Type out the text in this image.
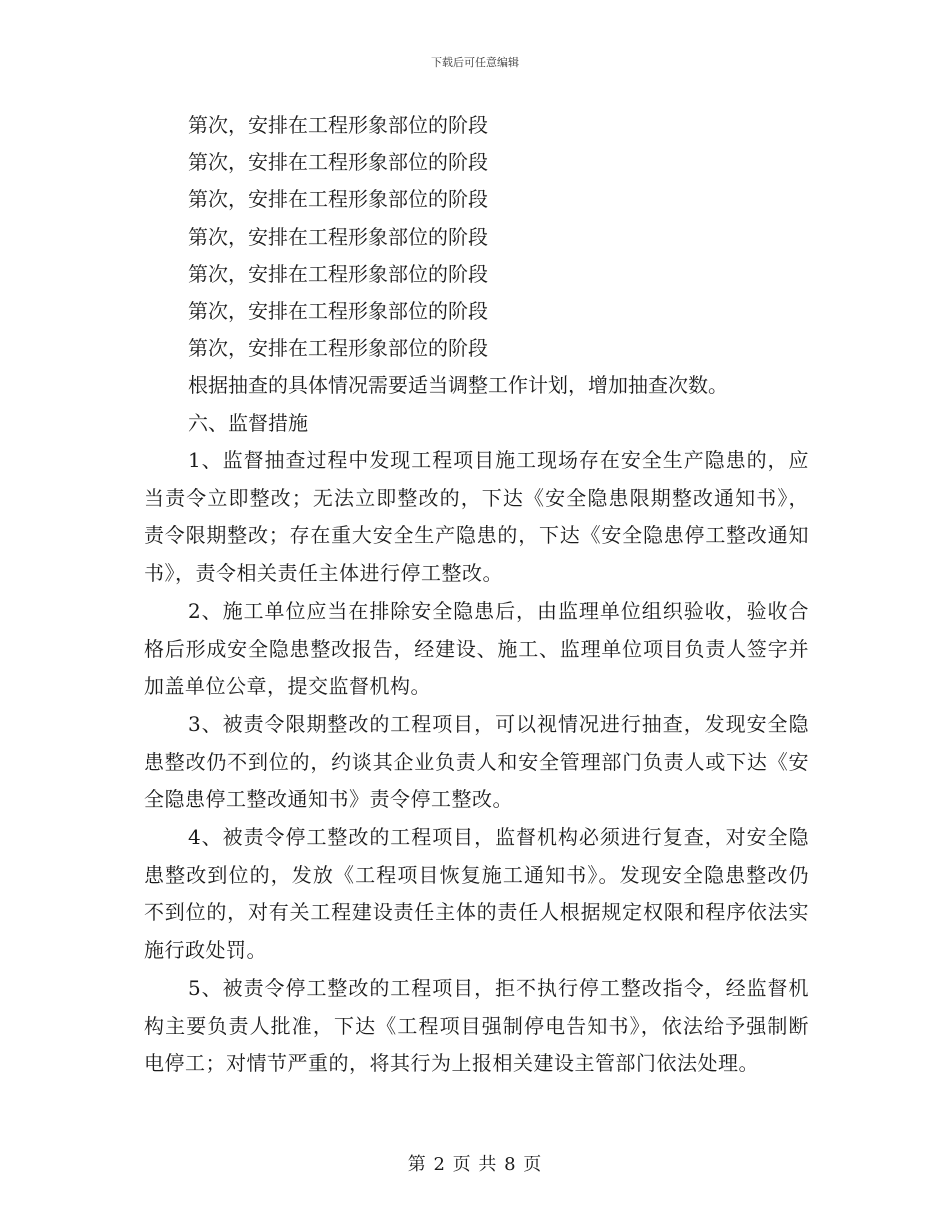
下载后可任意编辑
第次，安排在工程形象部位的阶段
第次，安排在工程形象部位的阶段
第次，安排在工程形象部位的阶段
第次，安排在工程形象部位的阶段
第次，安排在工程形象部位的阶段
第次，安排在工程形象部位的阶段
第次，安排在工程形象部位的阶段
根据抽查的具体情况需要适当调整工作计划，增加抽查次数。
六、监督措施

1、监督抽查过程中发现工程项目施工现场存在安全生产隐患的，应当责令立即整改；无法立即整改的，下达《安全隐患限期整改通知书》，责令限期整改；存在重大安全生产隐患的，下达《安全隐患停工整改通知书》，责令相关责任主体进行停工整改。

2、施工单位应当在排除安全隐患后，由监理单位组织验收，验收合格后形成安全隐患整改报告，经建设、施工、监理单位项目负责人签字并加盖单位公章，提交监督机构。

3、被责令限期整改的工程项目，可以视情况进行抽查，发现安全隐患整改仍不到位的，约谈其企业负责人和安全管理部门负责人或下达《安全隐患停工整改通知书》责令停工整改。

4、被责令停工整改的工程项目，监督机构必须进行复查，对安全隐患整改到位的，发放《工程项目恢复施工通知书》。发现安全隐患整改仍不到位的，对有关工程建设责任主体的责任人根据规定权限和程序依法实施行政处罚。

5、被责令停工整改的工程项目，拒不执行停工整改指令，经监督机构主要负责人批准，下达《工程项目强制停电告知书》，依法给予强制断电停工；对情节严重的，将其行为上报相关建设主管部门依法处理。

第 2 页 共 8 页
